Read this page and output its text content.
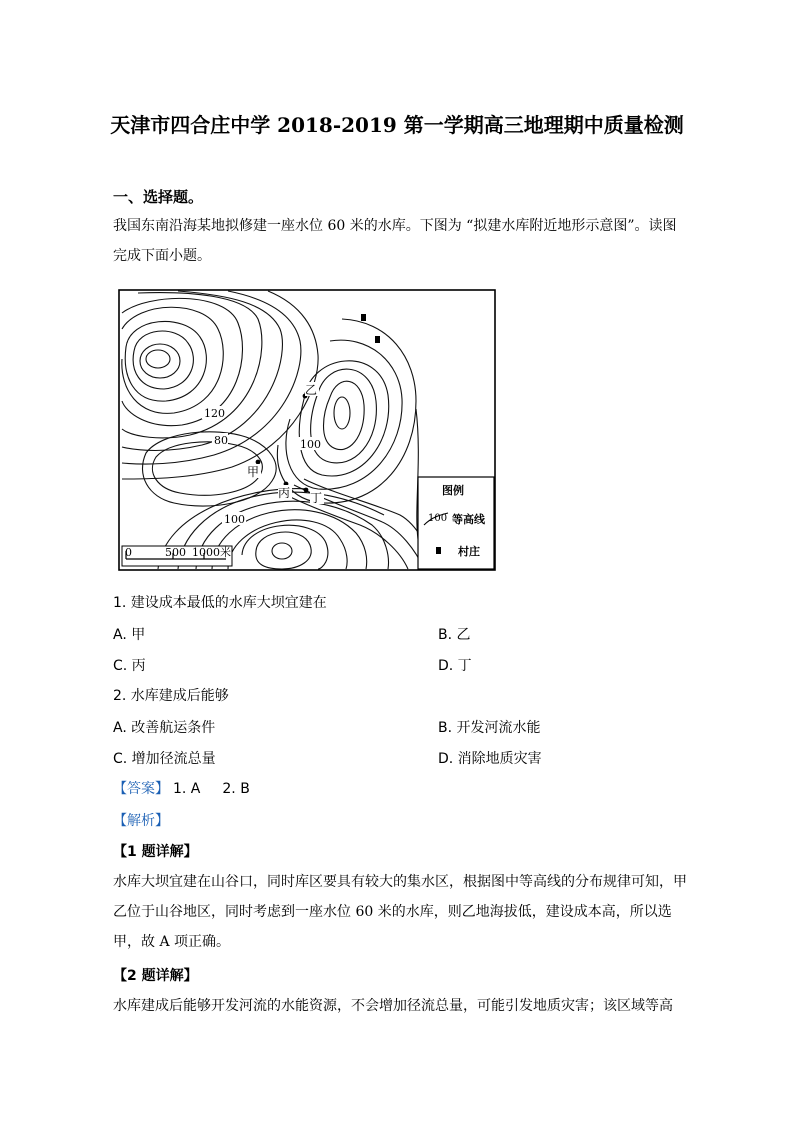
天津市四合庄中学 2018-2019 第一学期高三地理期中质量检测

一、选择题。

我国东南沿海某地拟修建一座水位 60 米的水库。下图为 “拟建水库附近地形示意图”。读图完成下面小题。

120
80	100
100
甲
乙
丙 丁
0	500 1000米
图例
100 等高线
村庄

1. 建设成本最低的水库大坝宜建在

A. 甲	B. 乙
C. 丙	D. 丁

2. 水库建成后能够

A. 改善航运条件	B. 开发河流水能
C. 增加径流总量	D. 消除地质灾害
【答案】 1. A 2. B
【解析】
【1 题详解】

水库大坝宜建在山谷口，同时库区要具有较大的集水区，根据图中等高线的分布规律可知，甲乙位于山谷地区，同时考虑到一座水位 60 米的水库，则乙地海拔低，建设成本高，所以选甲，故 A 项正确。

【2 题详解】

水库建成后能够开发河流的水能资源，不会增加径流总量，可能引发地质灾害；该区域等高
